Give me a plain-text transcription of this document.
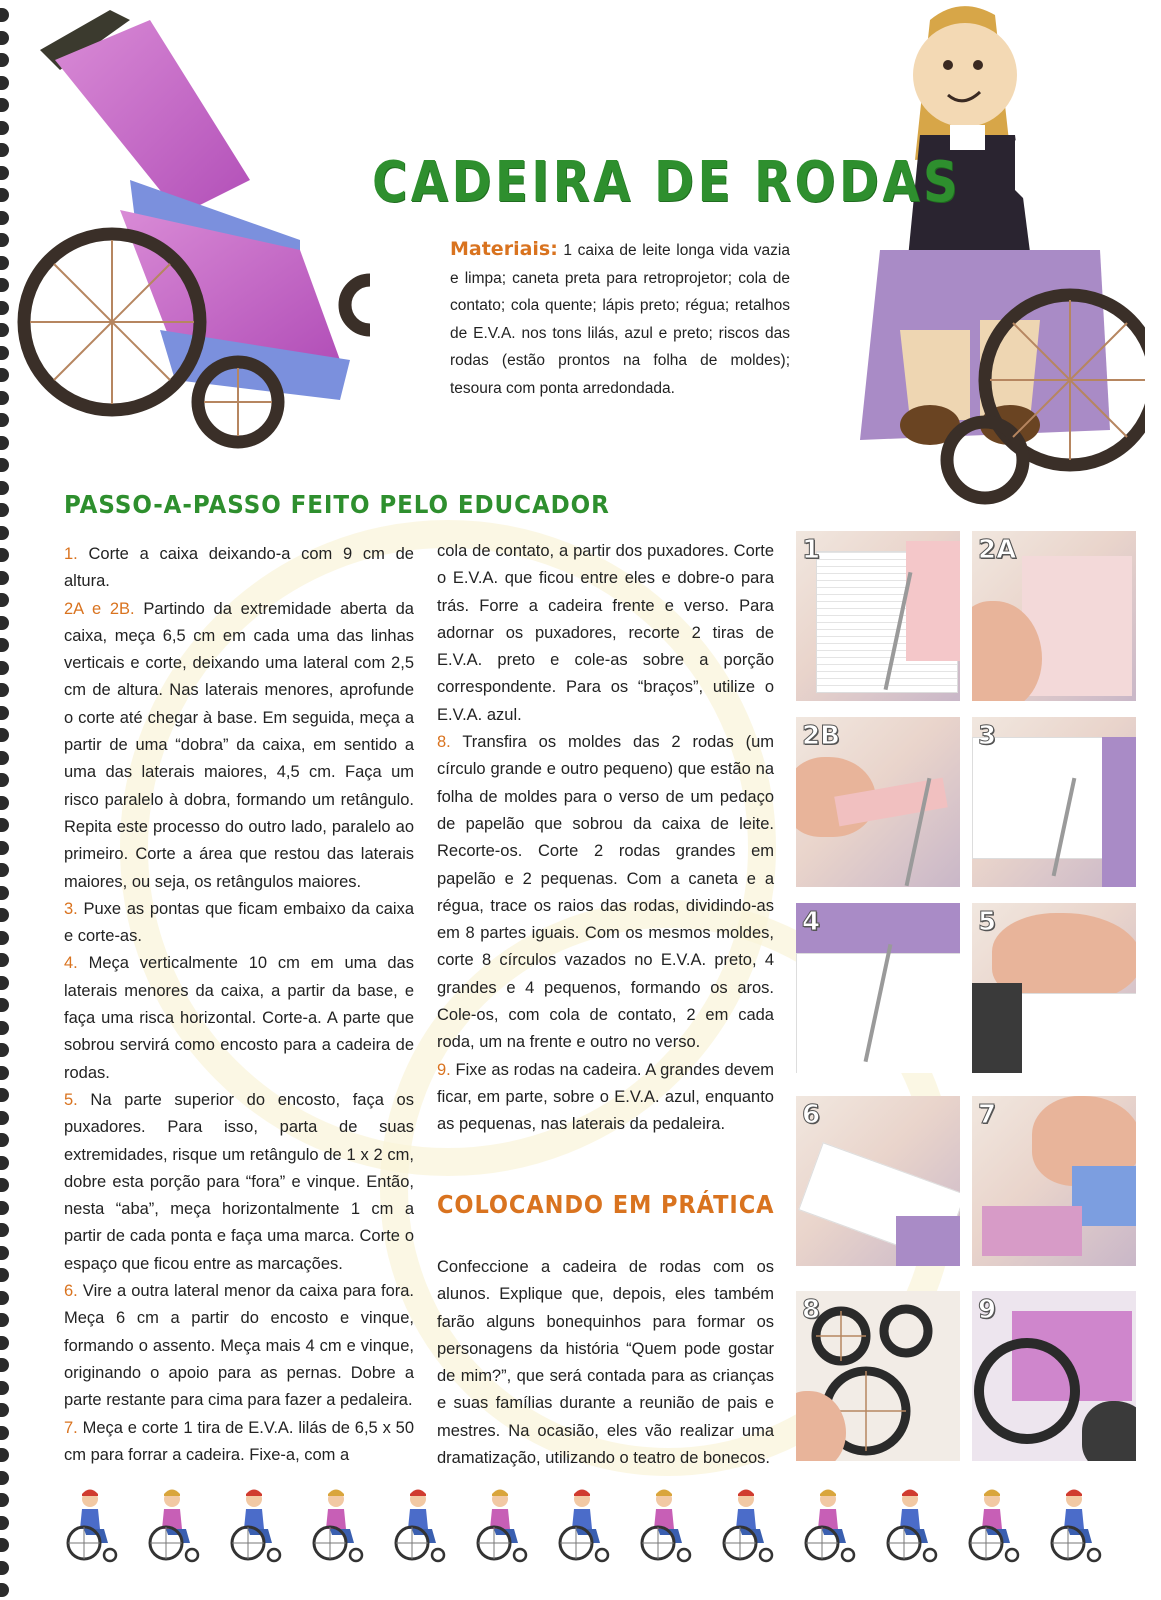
CADEIRA DE RODAS
Materiais: 1 caixa de leite longa vida vazia e limpa; caneta preta para retroprojetor; cola de contato; cola quente; lápis preto; régua; retalhos de E.V.A. nos tons lilás, azul e preto; riscos das rodas (estão prontos na folha de moldes); tesoura com ponta arredondada.
PASSO-A-PASSO FEITO PELO EDUCADOR

1. Corte a caixa deixando-a com 9 cm de altura.

2A e 2B. Partindo da extremidade aberta da caixa, meça 6,5 cm em cada uma das linhas verticais e corte, deixando uma lateral com 2,5 cm de altura. Nas laterais menores, aprofunde o corte até chegar à base. Em seguida, meça a partir de uma “dobra” da caixa, em sentido a uma das laterais maiores, 4,5 cm. Faça um risco paralelo à dobra, formando um retângulo. Repita este processo do outro lado, paralelo ao primeiro. Corte a área que restou das laterais maiores, ou seja, os retângulos maiores.

3. Puxe as pontas que ficam embaixo da caixa e corte-as.

4. Meça verticalmente 10 cm em uma das laterais menores da caixa, a partir da base, e faça uma risca horizontal. Corte-a. A parte que sobrou servirá como encosto para a cadeira de rodas.

5. Na parte superior do encosto, faça os puxadores. Para isso, parta de suas extremidades, risque um retângulo de 1 x 2 cm, dobre esta porção para “fora” e vinque. Então, nesta “aba”, meça horizontalmente 1 cm a partir de cada ponta e faça uma marca. Corte o espaço que ficou entre as marcações.

6. Vire a outra lateral menor da caixa para fora. Meça 6 cm a partir do encosto e vinque, formando o assento. Meça mais 4 cm e vinque, originando o apoio para as pernas. Dobre a parte restante para cima para fazer a pedaleira.

7. Meça e corte 1 tira de E.V.A. lilás de 6,5 x 50 cm para forrar a cadeira. Fixe-a, com a

cola de contato, a partir dos puxadores. Corte o E.V.A. que ficou entre eles e dobre-o para trás. Forre a cadeira frente e verso. Para adornar os puxadores, recorte 2 tiras de E.V.A. preto e cole-as sobre a porção correspondente. Para os “braços”, utilize o E.V.A. azul.

8. Transfira os moldes das 2 rodas (um círculo grande e outro pequeno) que estão na folha de moldes para o verso de um pedaço de papelão que sobrou da caixa de leite. Recorte-os. Corte 2 rodas grandes em papelão e 2 pequenas. Com a caneta e a régua, trace os raios das rodas, dividindo-as em 8 partes iguais. Com os mesmos moldes, corte 8 círculos vazados no E.V.A. preto, 4 grandes e 4 pequenos, formando os aros. Cole-os, com cola de contato, 2 em cada roda, um na frente e outro no verso.

9. Fixe as rodas na cadeira. A grandes devem ficar, em parte, sobre o E.V.A. azul, enquanto as pequenas, nas laterais da pedaleira.

COLOCANDO EM PRÁTICA
Confeccione a cadeira de rodas com os alunos. Explique que, depois, eles também farão alguns bonequinhos para formar os personagens da história “Quem pode gostar de mim?”, que será contada para as crianças e suas famílias durante a reunião de pais e mestres. Na ocasião, eles vão realizar uma dramatização, utilizando o teatro de bonecos.
1	2A
2B	3
4	5
6	7
8	9
